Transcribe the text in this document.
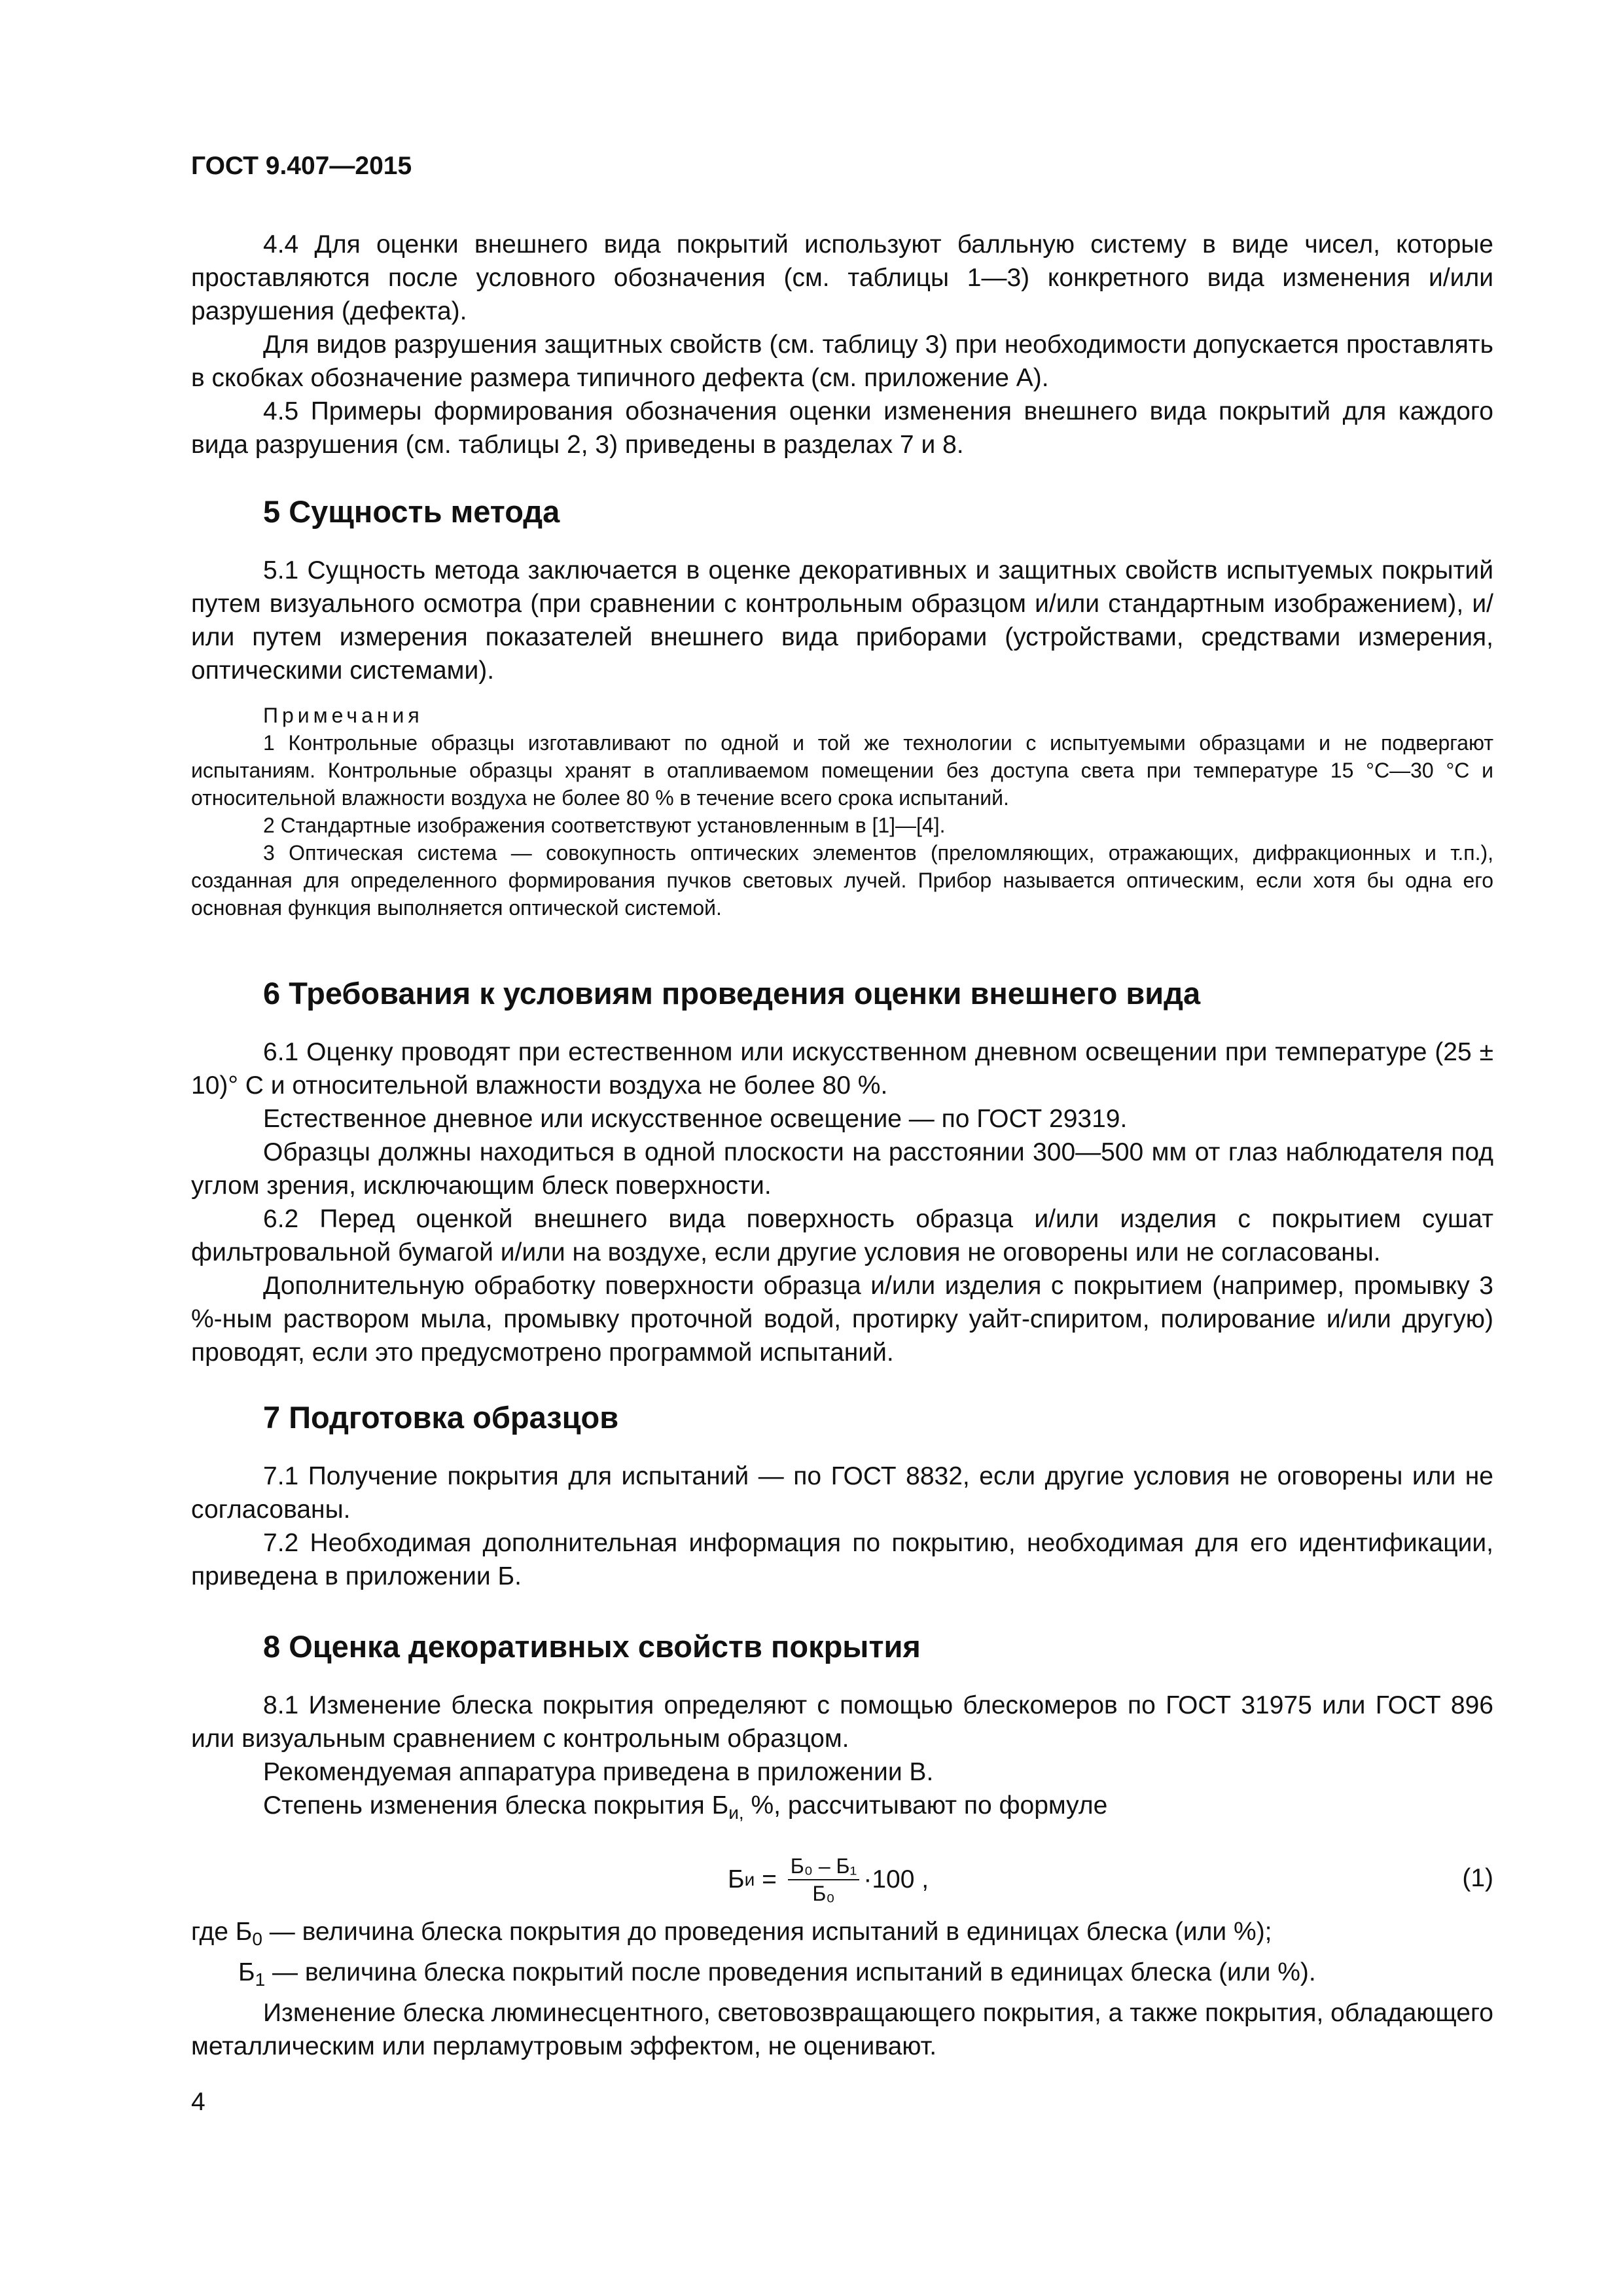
ГОСТ 9.407—2015

4.4 Для оценки внешнего вида покрытий используют балльную систему в виде чисел, которые проставляются после условного обозначения (см. таблицы 1—3) конкретного вида изменения и/или разрушения (дефекта).

Для видов разрушения защитных свойств (см. таблицу 3) при необходимости допускается проставлять в скобках обозначение размера типичного дефекта (см. приложение А).

4.5 Примеры формирования обозначения оценки изменения внешнего вида покрытий для каждого вида разрушения (см. таблицы 2, 3) приведены в разделах 7 и 8.

5 Сущность метода

5.1 Сущность метода заключается в оценке декоративных и защитных свойств испытуемых покрытий путем визуального осмотра (при сравнении с контрольным образцом и/или стандартным изображением), и/или путем измерения показателей внешнего вида приборами (устройствами, средствами измерения, оптическими системами).

Примечания

1 Контрольные образцы изготавливают по одной и той же технологии с испытуемыми образцами и не подвергают испытаниям. Контрольные образцы хранят в отапливаемом помещении без доступа света при температуре 15 °С—30 °С и относительной влажности воздуха не более 80 % в течение всего срока испытаний.

2 Стандартные изображения соответствуют установленным в [1]—[4].

3 Оптическая система — совокупность оптических элементов (преломляющих, отражающих, дифракционных и т.п.), созданная для определенного формирования пучков световых лучей. Прибор называется оптическим, если хотя бы одна его основная функция выполняется оптической системой.

6 Требования к условиям проведения оценки внешнего вида

6.1 Оценку проводят при естественном или искусственном дневном освещении при температуре (25 ± 10)° С и относительной влажности воздуха не более 80 %.

Естественное дневное или искусственное освещение — по ГОСТ 29319.

Образцы должны находиться в одной плоскости на расстоянии 300—500 мм от глаз наблюдателя под углом зрения, исключающим блеск поверхности.

6.2 Перед оценкой внешнего вида поверхность образца и/или изделия с покрытием сушат фильтровальной бумагой и/или на воздухе, если другие условия не оговорены или не согласованы.

Дополнительную обработку поверхности образца и/или изделия с покрытием (например, промывку 3 %-ным раствором мыла, промывку проточной водой, протирку уайт-спиритом, полирование и/или другую) проводят, если это предусмотрено программой испытаний.

7 Подготовка образцов

7.1 Получение покрытия для испытаний — по ГОСТ 8832, если другие условия не оговорены или не согласованы.

7.2 Необходимая дополнительная информация по покрытию, необходимая для его идентификации, приведена в приложении Б.

8 Оценка декоративных свойств покрытия

8.1 Изменение блеска покрытия определяют с помощью блескомеров по ГОСТ 31975 или ГОСТ 896 или визуальным сравнением с контрольным образцом.

Рекомендуемая аппаратура приведена в приложении В.

Степень изменения блеска покрытия $Б_{и,}$ %, рассчитывают по формуле

Б $и = \frac{\text{Б₀ – Б₁}}{\text{Б₀}} \cdot 100$ ,	(1)

где $Б_0$ — величина блеска покрытия до проведения испытаний в единицах блеска (или %);

$Б_1$ — величина блеска покрытий после проведения испытаний в единицах блеска (или %).

Изменение блеска люминесцентного, световозвращающего покрытия, а также покрытия, обладающего металлическим или перламутровым эффектом, не оценивают.

4
